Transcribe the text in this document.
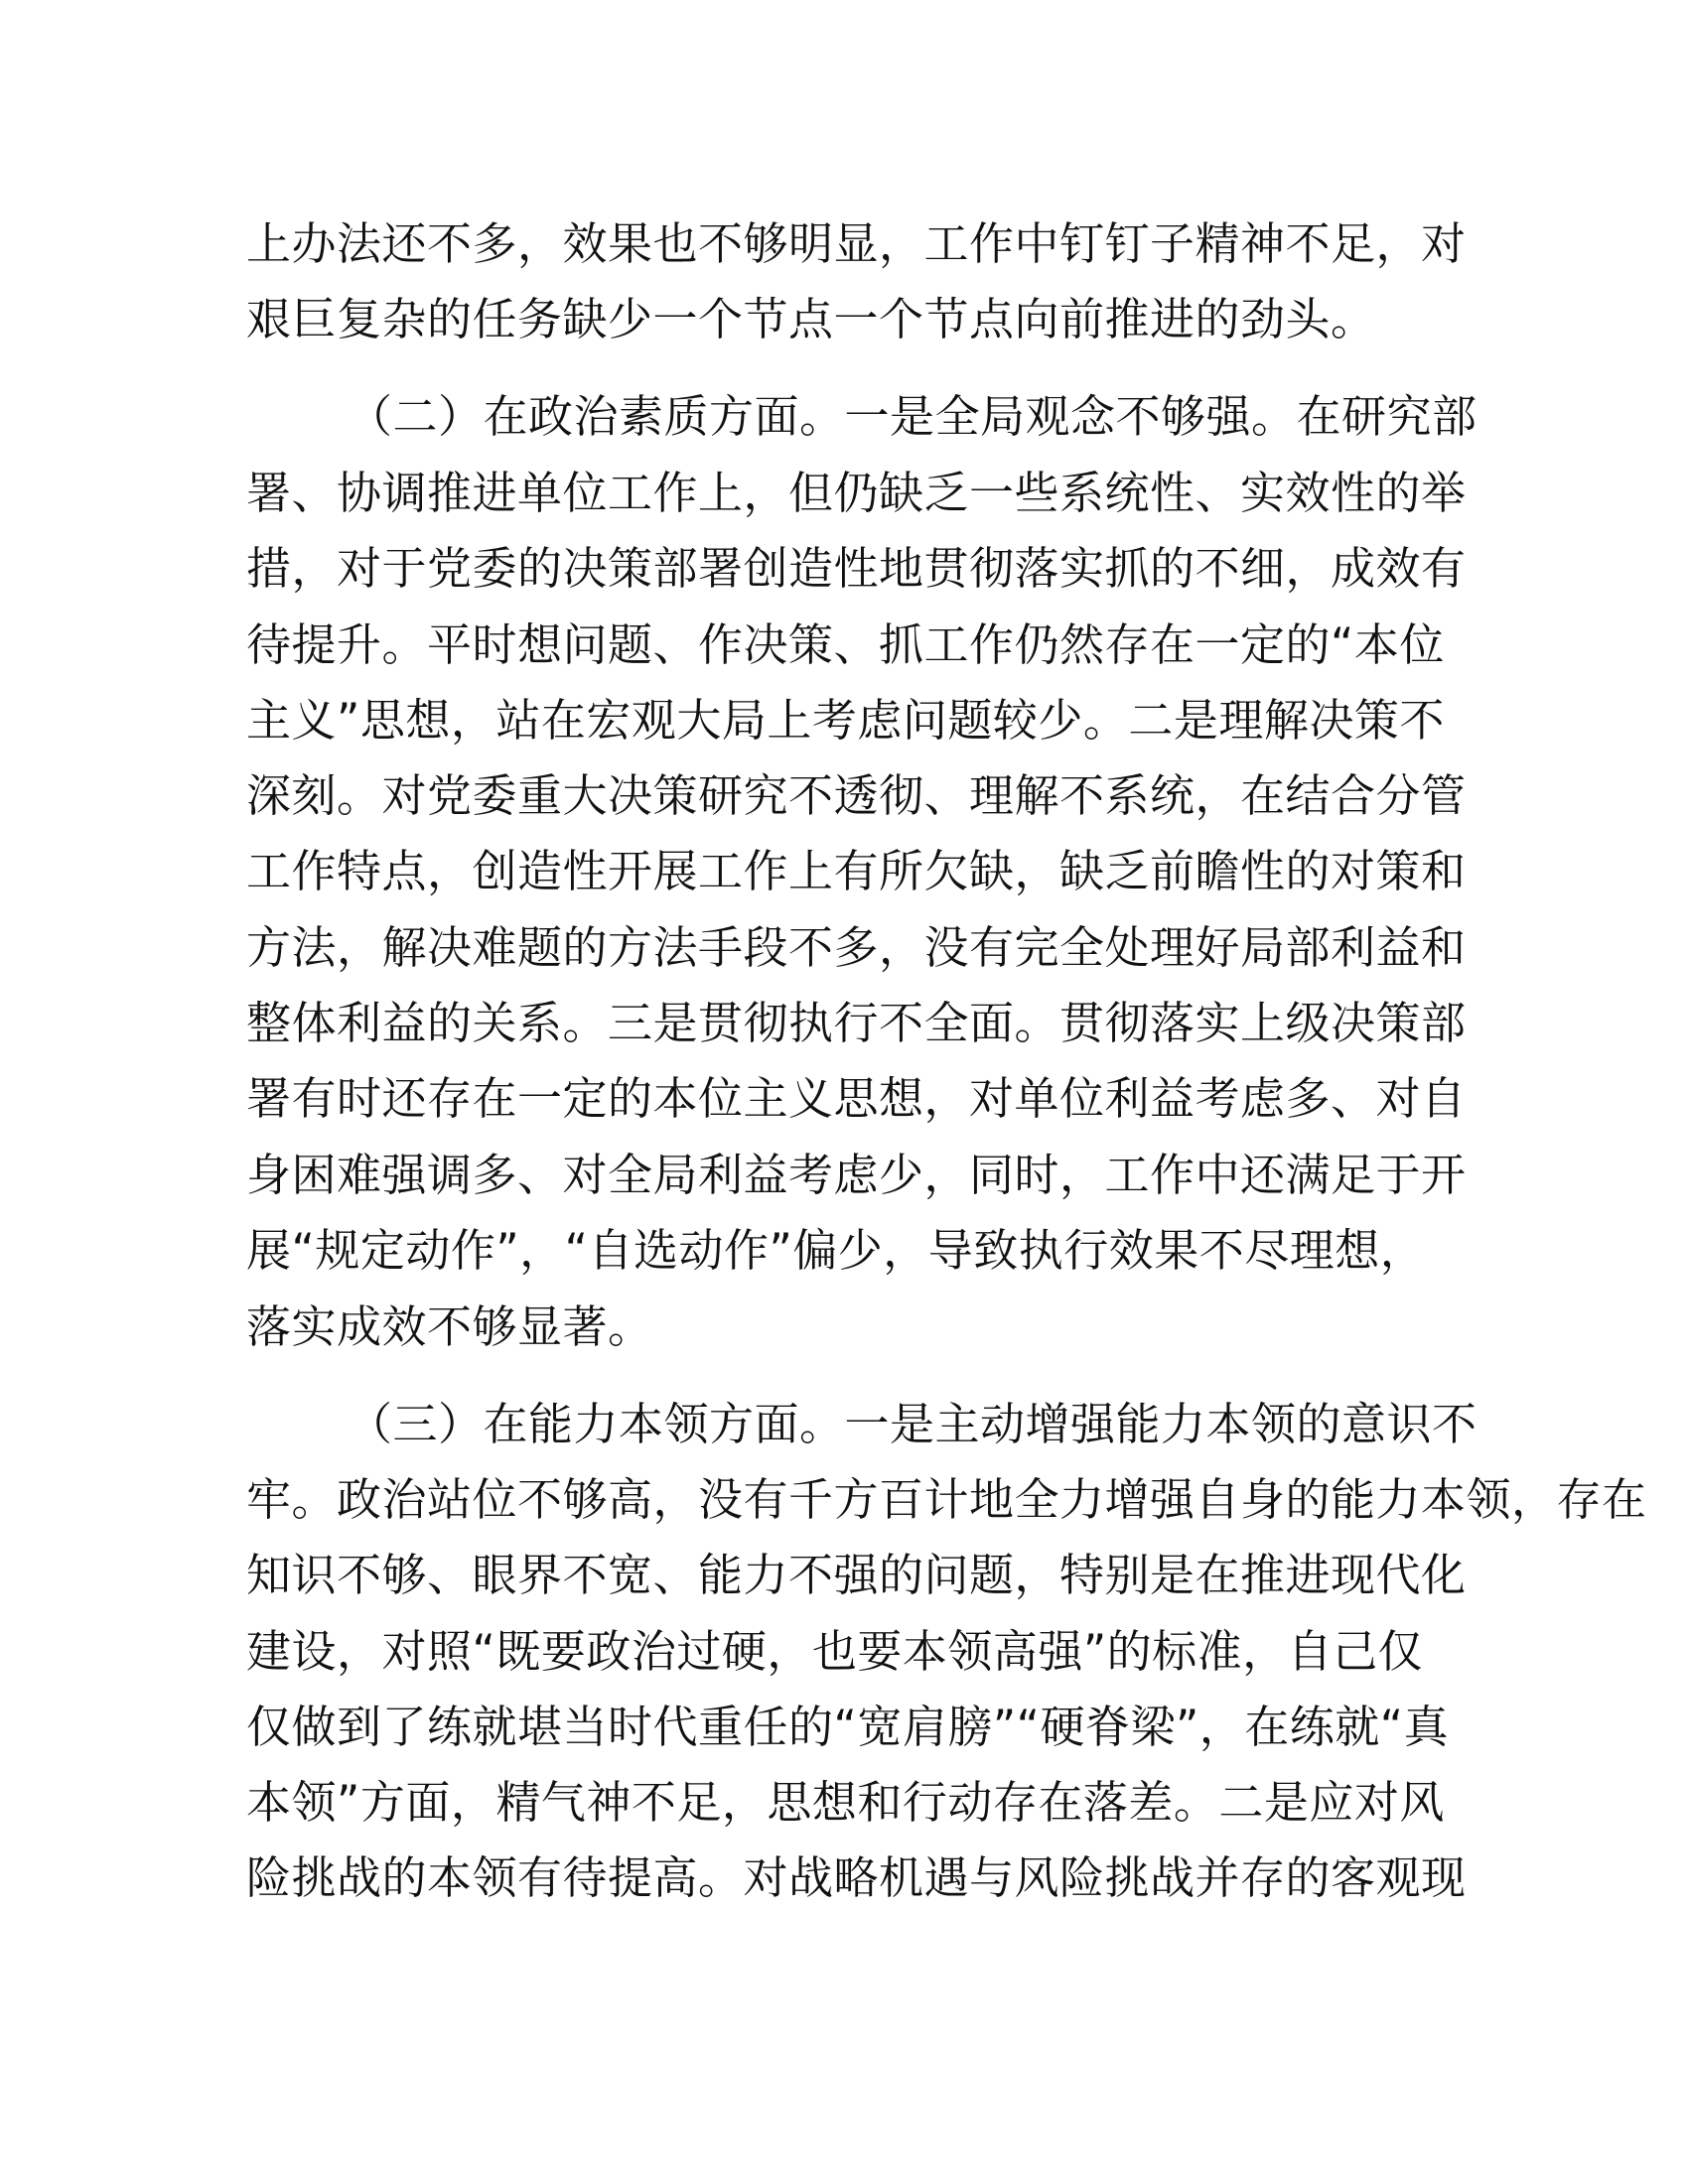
上办法还不多，效果也不够明显，工作中钉钉子精神不足，对
艰巨复杂的任务缺少一个节点一个节点向前推进的劲头。
（二）在政治素质方面。一是全局观念不够强。在研究部
署、协调推进单位工作上，但仍缺乏一些系统性、实效性的举
措，对于党委的决策部署创造性地贯彻落实抓的不细，成效有
待提升。平时想问题、作决策、抓工作仍然存在一定的“本位
主义”思想，站在宏观大局上考虑问题较少。二是理解决策不
深刻。对党委重大决策研究不透彻、理解不系统，在结合分管
工作特点，创造性开展工作上有所欠缺，缺乏前瞻性的对策和
方法，解决难题的方法手段不多，没有完全处理好局部利益和
整体利益的关系。三是贯彻执行不全面。贯彻落实上级决策部
署有时还存在一定的本位主义思想，对单位利益考虑多、对自
身困难强调多、对全局利益考虑少，同时，工作中还满足于开
展“规定动作”，“自选动作”偏少，导致执行效果不尽理想，
落实成效不够显著。
（三）在能力本领方面。一是主动增强能力本领的意识不
牢。政治站位不够高，没有千方百计地全力增强自身的能力本领，存在
知识不够、眼界不宽、能力不强的问题，特别是在推进现代化
建设，对照“既要政治过硬，也要本领高强”的标准，自己仅
仅做到了练就堪当时代重任的“宽肩膀”“硬脊梁”，在练就“真
本领”方面，精气神不足，思想和行动存在落差。二是应对风
险挑战的本领有待提高。对战略机遇与风险挑战并存的客观现
